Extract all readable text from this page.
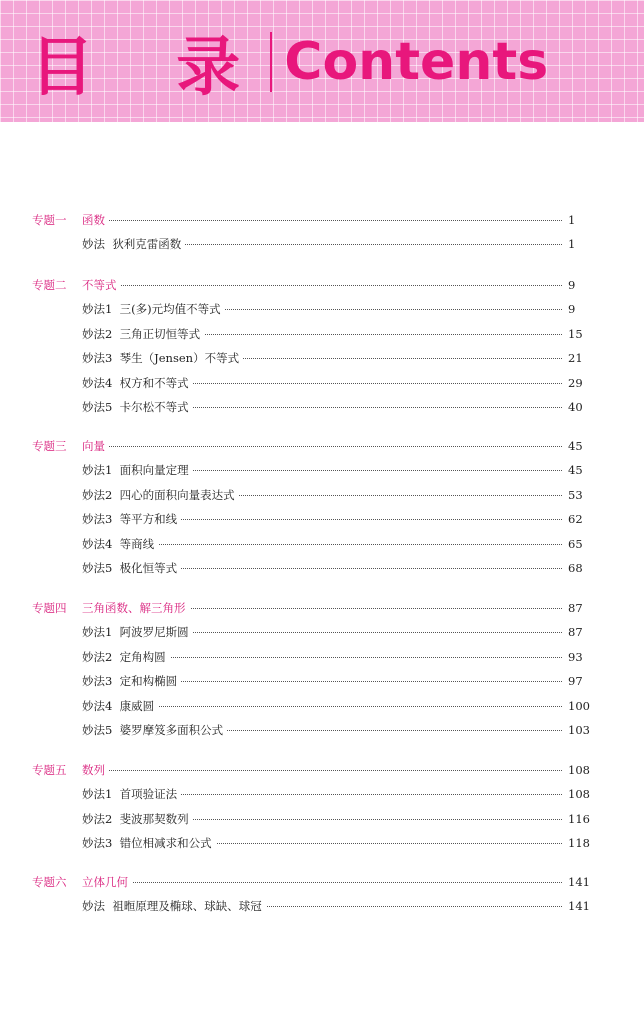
目 录 Contents
专题一	函数	1
妙法 狄利克雷函数	1
专题二	不等式	9
妙法1 三(多)元均值不等式	9
妙法2 三角正切恒等式	15
妙法3 琴生（Jensen）不等式	21
妙法4 权方和不等式	29
妙法5 卡尔松不等式	40
专题三	向量	45
妙法1 面积向量定理	45
妙法2 四心的面积向量表达式	53
妙法3 等平方和线	62
妙法4 等商线	65
妙法5 极化恒等式	68
专题四	三角函数、解三角形	87
妙法1 阿波罗尼斯圆	87
妙法2 定角构圆	93
妙法3 定和构椭圆	97
妙法4 康威圆	100
妙法5 婆罗摩笈多面积公式	103
专题五	数列	108
妙法1 首项验证法	108
妙法2 斐波那契数列	116
妙法3 错位相减求和公式	118
专题六	立体几何	141
妙法 祖暅原理及椭球、球缺、球冠	141
